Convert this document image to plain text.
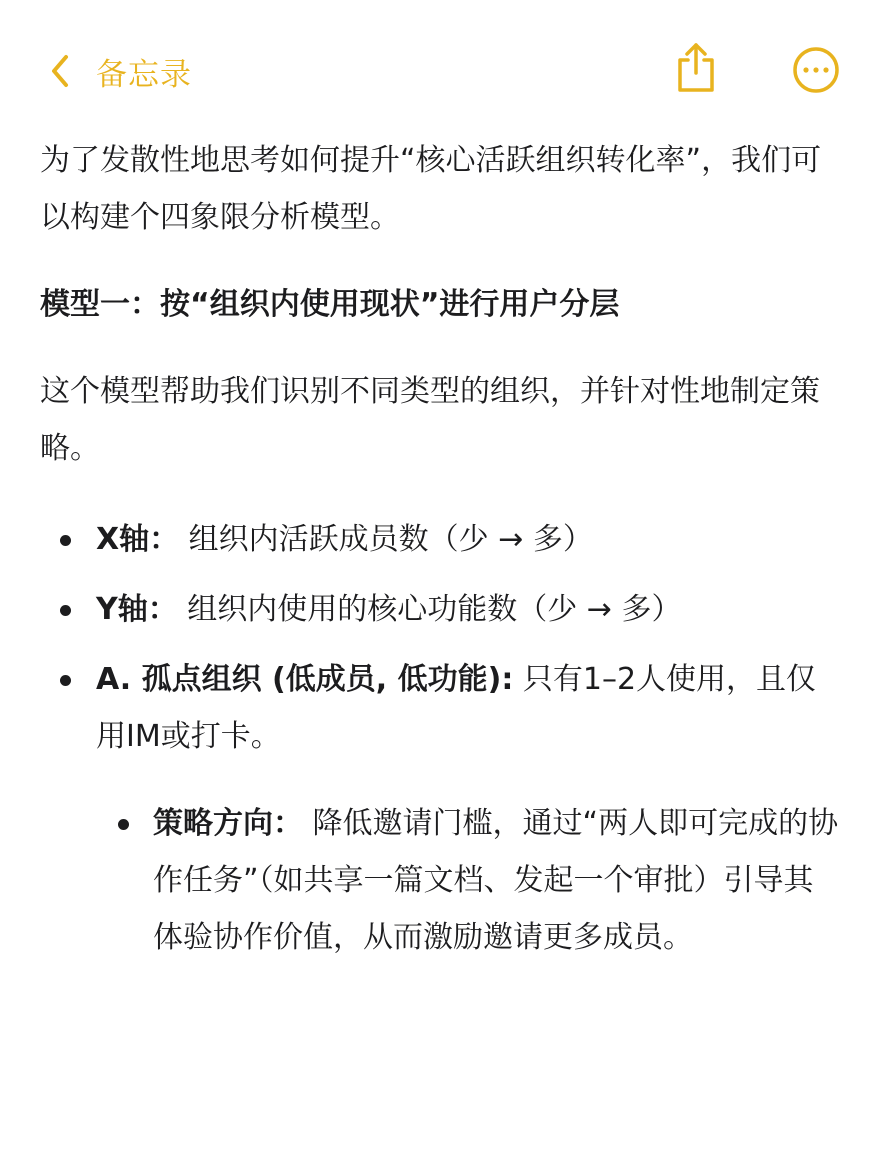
备忘录

为了发散性地思考如何提升“核心活跃组织转化率”，我们可以构建个四象限分析模型。

模型一：按“组织内使用现状”进行用户分层

这个模型帮助我们识别不同类型的组织，并针对性地制定策略。

X轴： 组织内活跃成员数（少 → 多）
Y轴： 组织内使用的核心功能数（少 → 多）
A. 孤点组织 (低成员, 低功能): 只有1–2人使用，且仅用IM或打卡。
策略方向： 降低邀请门槛，通过“两人即可完成的协作任务”（如共享一篇文档、发起一个审批）引导其体验协作价值，从而激励邀请更多成员。
